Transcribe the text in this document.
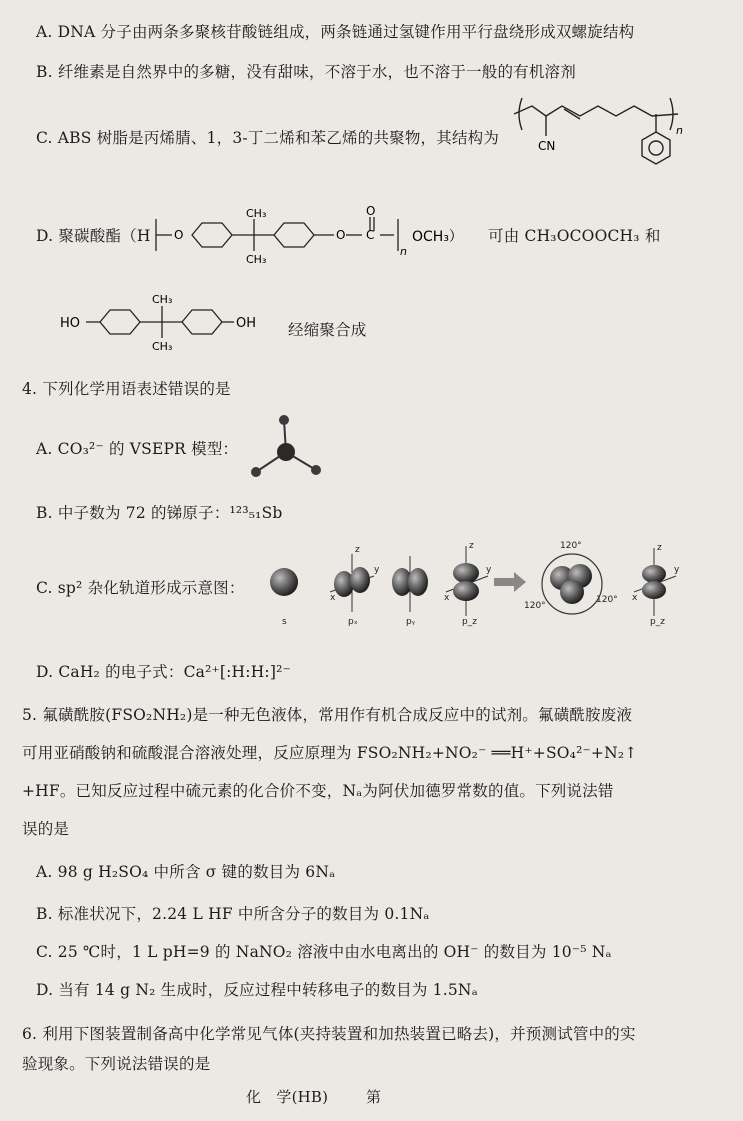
A. DNA 分子由两条多聚核苷酸链组成，两条链通过氢键作用平行盘绕形成双螺旋结构
B. 纤维素是自然界中的多糖，没有甜味，不溶于水，也不溶于一般的有机溶剂
C. ABS 树脂是丙烯腈、1，3-丁二烯和苯乙烯的共聚物，其结构为	CN
n
D. 聚碳酸酯（H O
CH₃
CH₃
O
O
C
n
OCH₃） 可由 CH₃OCOOCH₃ 和
HO
CH₃
CH₃
OH 经缩聚合成
4. 下列化学用语表述错误的是
A. CO₃²⁻ 的 VSEPR 模型：
B. 中子数为 72 的锑原子：¹²³₅₁Sb
C. sp² 杂化轨道形成示意图：
s	pₓ	pᵧ	p_z	p_z
120°
120°
120°
x
y
z
x
y
z
x
y
z
D. CaH₂ 的电子式：Ca²⁺[:H:H:]²⁻
5. 氟磺酰胺(FSO₂NH₂)是一种无色液体，常用作有机合成反应中的试剂。氟磺酰胺废液
可用亚硝酸钠和硫酸混合溶液处理，反应原理为 FSO₂NH₂+NO₂⁻ ══H⁺+SO₄²⁻+N₂↑
+HF。已知反应过程中硫元素的化合价不变，Nₐ为阿伏加德罗常数的值。下列说法错
误的是
A. 98 g H₂SO₄ 中所含 σ 键的数目为 6Nₐ
B. 标准状况下，2.24 L HF 中所含分子的数目为 0.1Nₐ
C. 25 ℃时，1 L pH=9 的 NaNO₂ 溶液中由水电离出的 OH⁻ 的数目为 10⁻⁵ Nₐ
D. 当有 14 g N₂ 生成时，反应过程中转移电子的数目为 1.5Nₐ
6. 利用下图装置制备高中化学常见气体(夹持装置和加热装置已略去)，并预测试管中的实
验现象。下列说法错误的是
化　学(HB)	第
